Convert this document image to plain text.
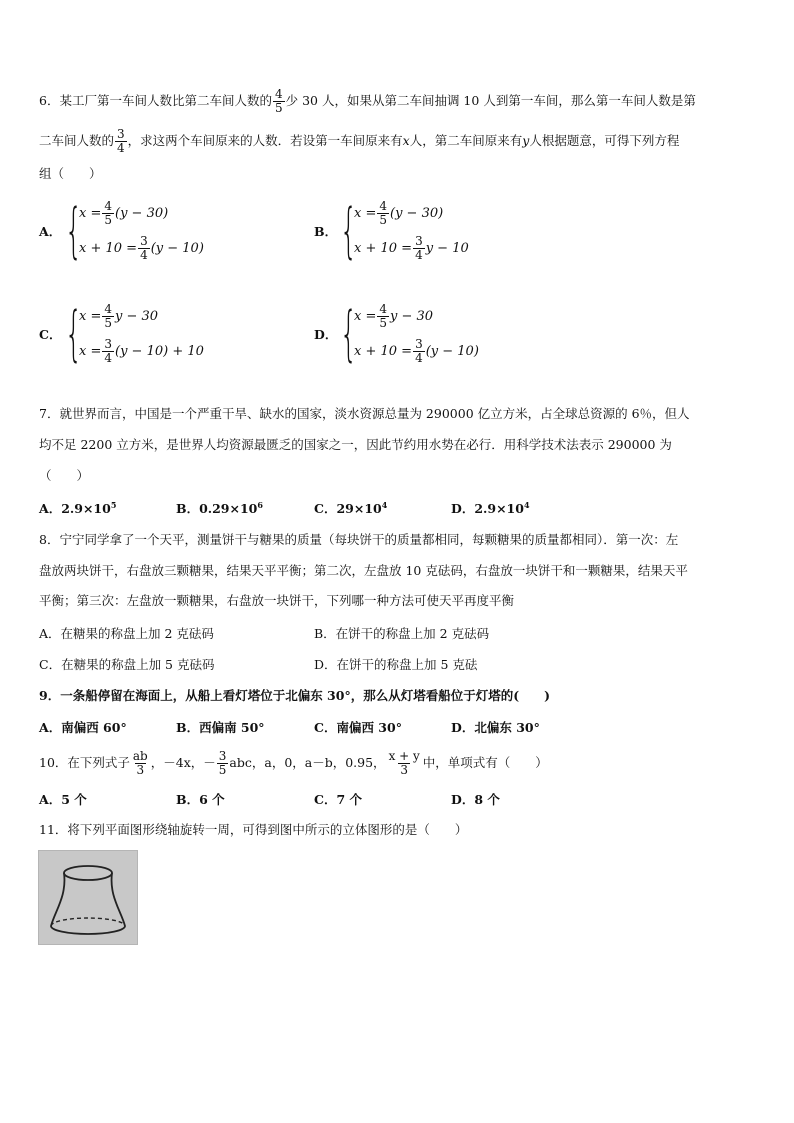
6．某工厂第一车间人数比第二车间人数的 $\frac{4}{5}$ 少 30 人，如果从第二车间抽调 10 人到第一车间，那么第一车间人数是第
二车间人数的 $\frac{3}{4}$ ，求这两个车间原来的人数．若设第一车间原来有x人，第二车间原来有y人根据题意，可得下列方程
组（　　）
A． {
$x = \frac{4}{5} (y - 30)$
$x + 10 = \frac{3}{4} (y - 10)$
B． {
$x = \frac{4}{5} (y - 30)$
$x + 10 = \frac{3}{4}$ y − 10
C． {
$x = \frac{4}{5}$ y − 30
$x = \frac{3}{4} (y - 10) + 10$
D． {
$x = \frac{4}{5}$ y − 30
$x + 10 = \frac{3}{4} (y - 10)$
7．就世界而言，中国是一个严重干旱、缺水的国家，淡水资源总量为 290000 亿立方米，占全球总资源的 6％，但人
均不足 2200 立方米，是世界人均资源最匮乏的国家之一，因此节约用水势在必行．用科学技术法表示 290000 为
（　　）
A．$2.9\times 10^5$	B．$0.29\times 10^6$	C．$29\times 10^4$	D．$2.9\times 10^4$
8．宁宁同学拿了一个天平，测量饼干与糖果的质量（每块饼干的质量都相同，每颗糖果的质量都相同）．第一次：左
盘放两块饼干，右盘放三颗糖果，结果天平平衡；第二次，左盘放 10 克砝码，右盘放一块饼干和一颗糖果，结果天平
平衡；第三次：左盘放一颗糖果，右盘放一块饼干，下列哪一种方法可使天平再度平衡
A．在糖果的称盘上加 2 克砝码	B．在饼干的称盘上加 2 克砝码
C．在糖果的称盘上加 5 克砝码	D．在饼干的称盘上加 5 克砝
9．一条船停留在海面上，从船上看灯塔位于北偏东 30°，那么从灯塔看船位于灯塔的(　　)
A．南偏西 60°	B．西偏南 50°	C．南偏西 30°	D．北偏东 30°
10．在下列式子 $\frac{ab}{3}$ ，－4x，－ $\frac{3}{5}$ abc，a，0，a－b，0.95， $\frac{x + y}{3}$ 中，单项式有（　　）
A．5 个	B．6 个	C．7 个	D．8 个
11．将下列平面图形绕轴旋转一周，可得到图中所示的立体图形的是（　　）
